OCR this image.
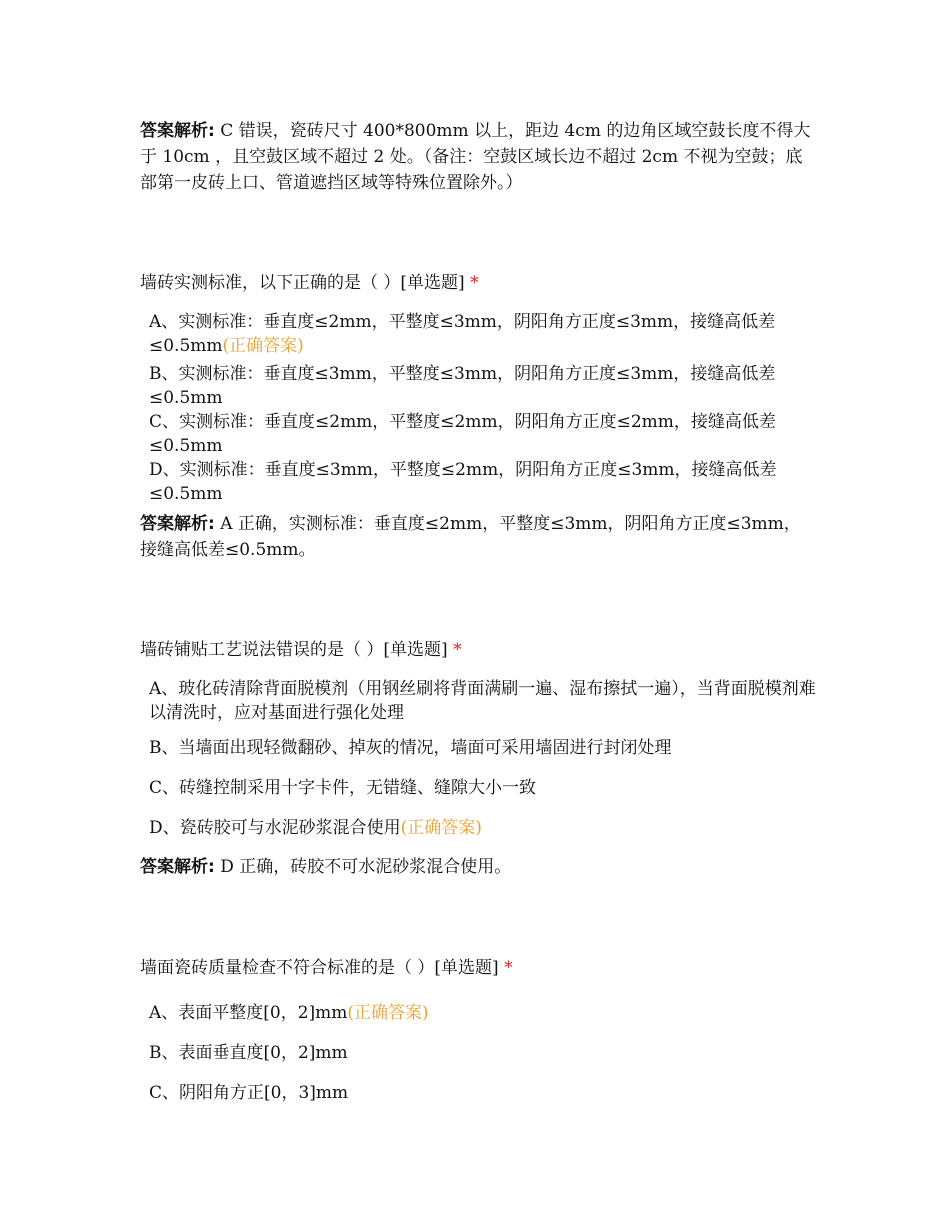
答案解析: C 错误，瓷砖尺寸 400*800mm 以上，距边 4cm 的边角区域空鼓长度不得大于 10cm ，且空鼓区域不超过 2 处。（备注：空鼓区域长边不超过 2cm 不视为空鼓；底部第一皮砖上口、管道遮挡区域等特殊位置除外。）
墙砖实测标准，以下正确的是（ ）[单选题] *
A、实测标准：垂直度≤2mm，平整度≤3mm，阴阳角方正度≤3mm，接缝高低差≤0.5mm(正确答案)
B、实测标准：垂直度≤3mm，平整度≤3mm，阴阳角方正度≤3mm，接缝高低差≤0.5mm
C、实测标准：垂直度≤2mm，平整度≤2mm，阴阳角方正度≤2mm，接缝高低差≤0.5mm
D、实测标准：垂直度≤3mm，平整度≤2mm，阴阳角方正度≤3mm，接缝高低差≤0.5mm
答案解析: A 正确，实测标准：垂直度≤2mm，平整度≤3mm，阴阳角方正度≤3mm，接缝高低差≤0.5mm。
墙砖铺贴工艺说法错误的是（ ）[单选题] *
A、玻化砖清除背面脱模剂（用钢丝刷将背面满刷一遍、湿布擦拭一遍），当背面脱模剂难以清洗时，应对基面进行强化处理
B、当墙面出现轻微翻砂、掉灰的情况，墙面可采用墙固进行封闭处理
C、砖缝控制采用十字卡件，无错缝、缝隙大小一致
D、瓷砖胶可与水泥砂浆混合使用(正确答案)
答案解析: D 正确，砖胶不可水泥砂浆混合使用。
墙面瓷砖质量检查不符合标准的是（ ）[单选题] *
A、表面平整度[0，2]mm(正确答案)
B、表面垂直度[0，2]mm
C、阴阳角方正[0，3]mm
